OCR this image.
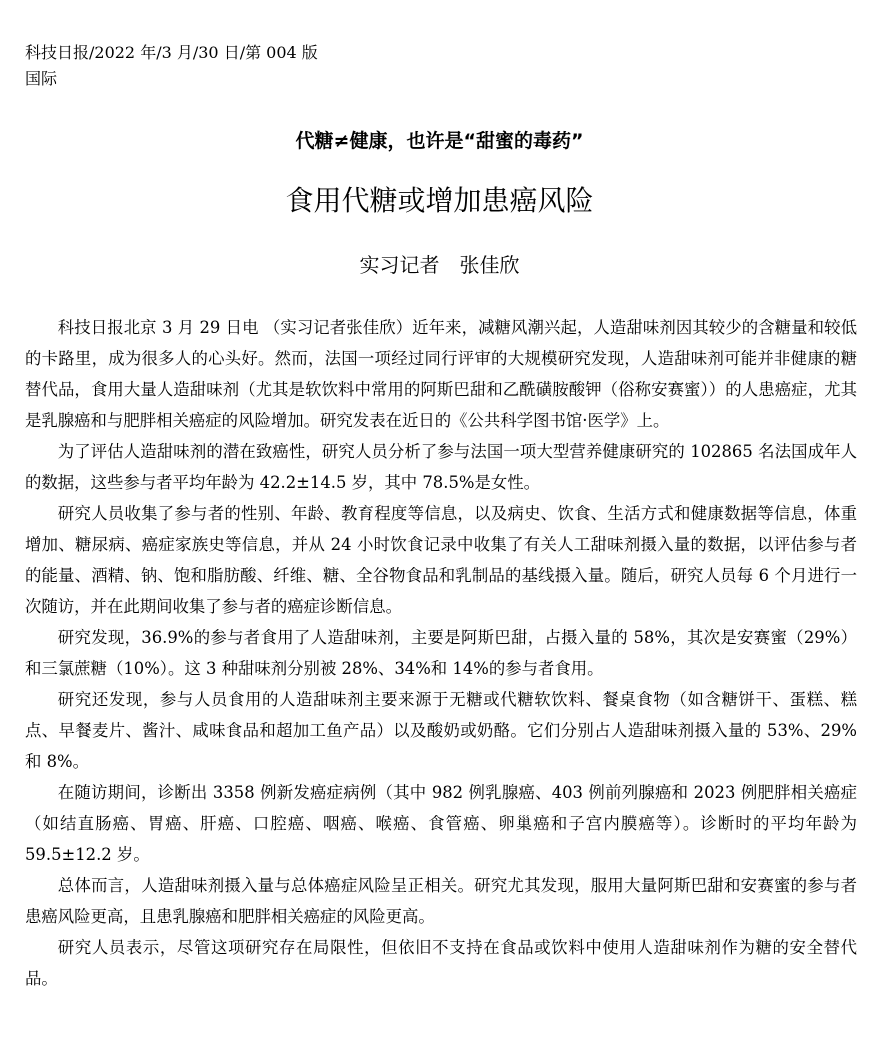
科技日报/2022 年/3 月/30 日/第 004 版
国际
代糖≠健康，也许是“甜蜜的毒药”
食用代糖或增加患癌风险
实习记者　张佳欣

科技日报北京 3 月 29 日电 （实习记者张佳欣）近年来，减糖风潮兴起，人造甜味剂因其较少的含糖量和较低的卡路里，成为很多人的心头好。然而，法国一项经过同行评审的大规模研究发现，人造甜味剂可能并非健康的糖替代品，食用大量人造甜味剂（尤其是软饮料中常用的阿斯巴甜和乙酰磺胺酸钾（俗称安赛蜜））的人患癌症，尤其是乳腺癌和与肥胖相关癌症的风险增加。研究发表在近日的《公共科学图书馆·医学》上。

为了评估人造甜味剂的潜在致癌性，研究人员分析了参与法国一项大型营养健康研究的 102865 名法国成年人的数据，这些参与者平均年龄为 42.2±14.5 岁，其中 78.5%是女性。

研究人员收集了参与者的性别、年龄、教育程度等信息，以及病史、饮食、生活方式和健康数据等信息，体重增加、糖尿病、癌症家族史等信息，并从 24 小时饮食记录中收集了有关人工甜味剂摄入量的数据，以评估参与者的能量、酒精、钠、饱和脂肪酸、纤维、糖、全谷物食品和乳制品的基线摄入量。随后，研究人员每 6 个月进行一次随访，并在此期间收集了参与者的癌症诊断信息。

研究发现，36.9%的参与者食用了人造甜味剂，主要是阿斯巴甜，占摄入量的 58%，其次是安赛蜜（29%）和三氯蔗糖（10%）。这 3 种甜味剂分别被 28%、34%和 14%的参与者食用。

研究还发现，参与人员食用的人造甜味剂主要来源于无糖或代糖软饮料、餐桌食物（如含糖饼干、蛋糕、糕点、早餐麦片、酱汁、咸味食品和超加工鱼产品）以及酸奶或奶酪。它们分别占人造甜味剂摄入量的 53%、29%和 8%。

在随访期间，诊断出 3358 例新发癌症病例（其中 982 例乳腺癌、403 例前列腺癌和 2023 例肥胖相关癌症（如结直肠癌、胃癌、肝癌、口腔癌、咽癌、喉癌、食管癌、卵巢癌和子宫内膜癌等）。诊断时的平均年龄为 59.5±12.2 岁。

总体而言，人造甜味剂摄入量与总体癌症风险呈正相关。研究尤其发现，服用大量阿斯巴甜和安赛蜜的参与者患癌风险更高，且患乳腺癌和肥胖相关癌症的风险更高。

研究人员表示，尽管这项研究存在局限性，但依旧不支持在食品或饮料中使用人造甜味剂作为糖的安全替代品。
